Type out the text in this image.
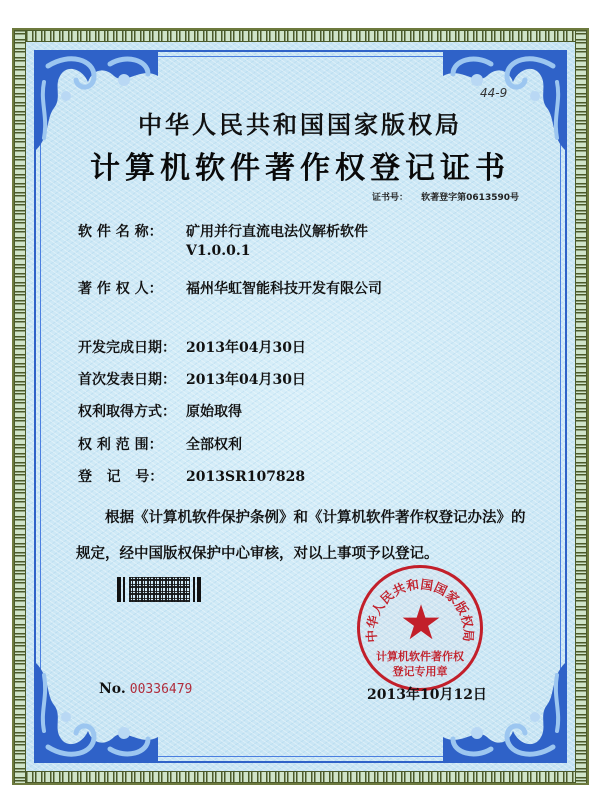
44-9
中华人民共和国国家版权局
计算机软件著作权登记证书
证书号： 软著登字第0613590号
软 件 名 称： 矿用并行直流电法仪解析软件
V1.0.0.1
著 作 权 人： 福州华虹智能科技开发有限公司
开发完成日期： 2013年04月30日
首次发表日期： 2013年04月30日
权利取得方式： 原始取得
权 利 范 围： 全部权利
登   记   号： 2013SR107828
根据《计算机软件保护条例》和《计算机软件著作权登记办法》的
规定，经中国版权保护中心审核，对以上事项予以登记。
No. 00336479
中华人民共和国国家版权局
★
计算机软件著作权
登记专用章
2013年10月12日
